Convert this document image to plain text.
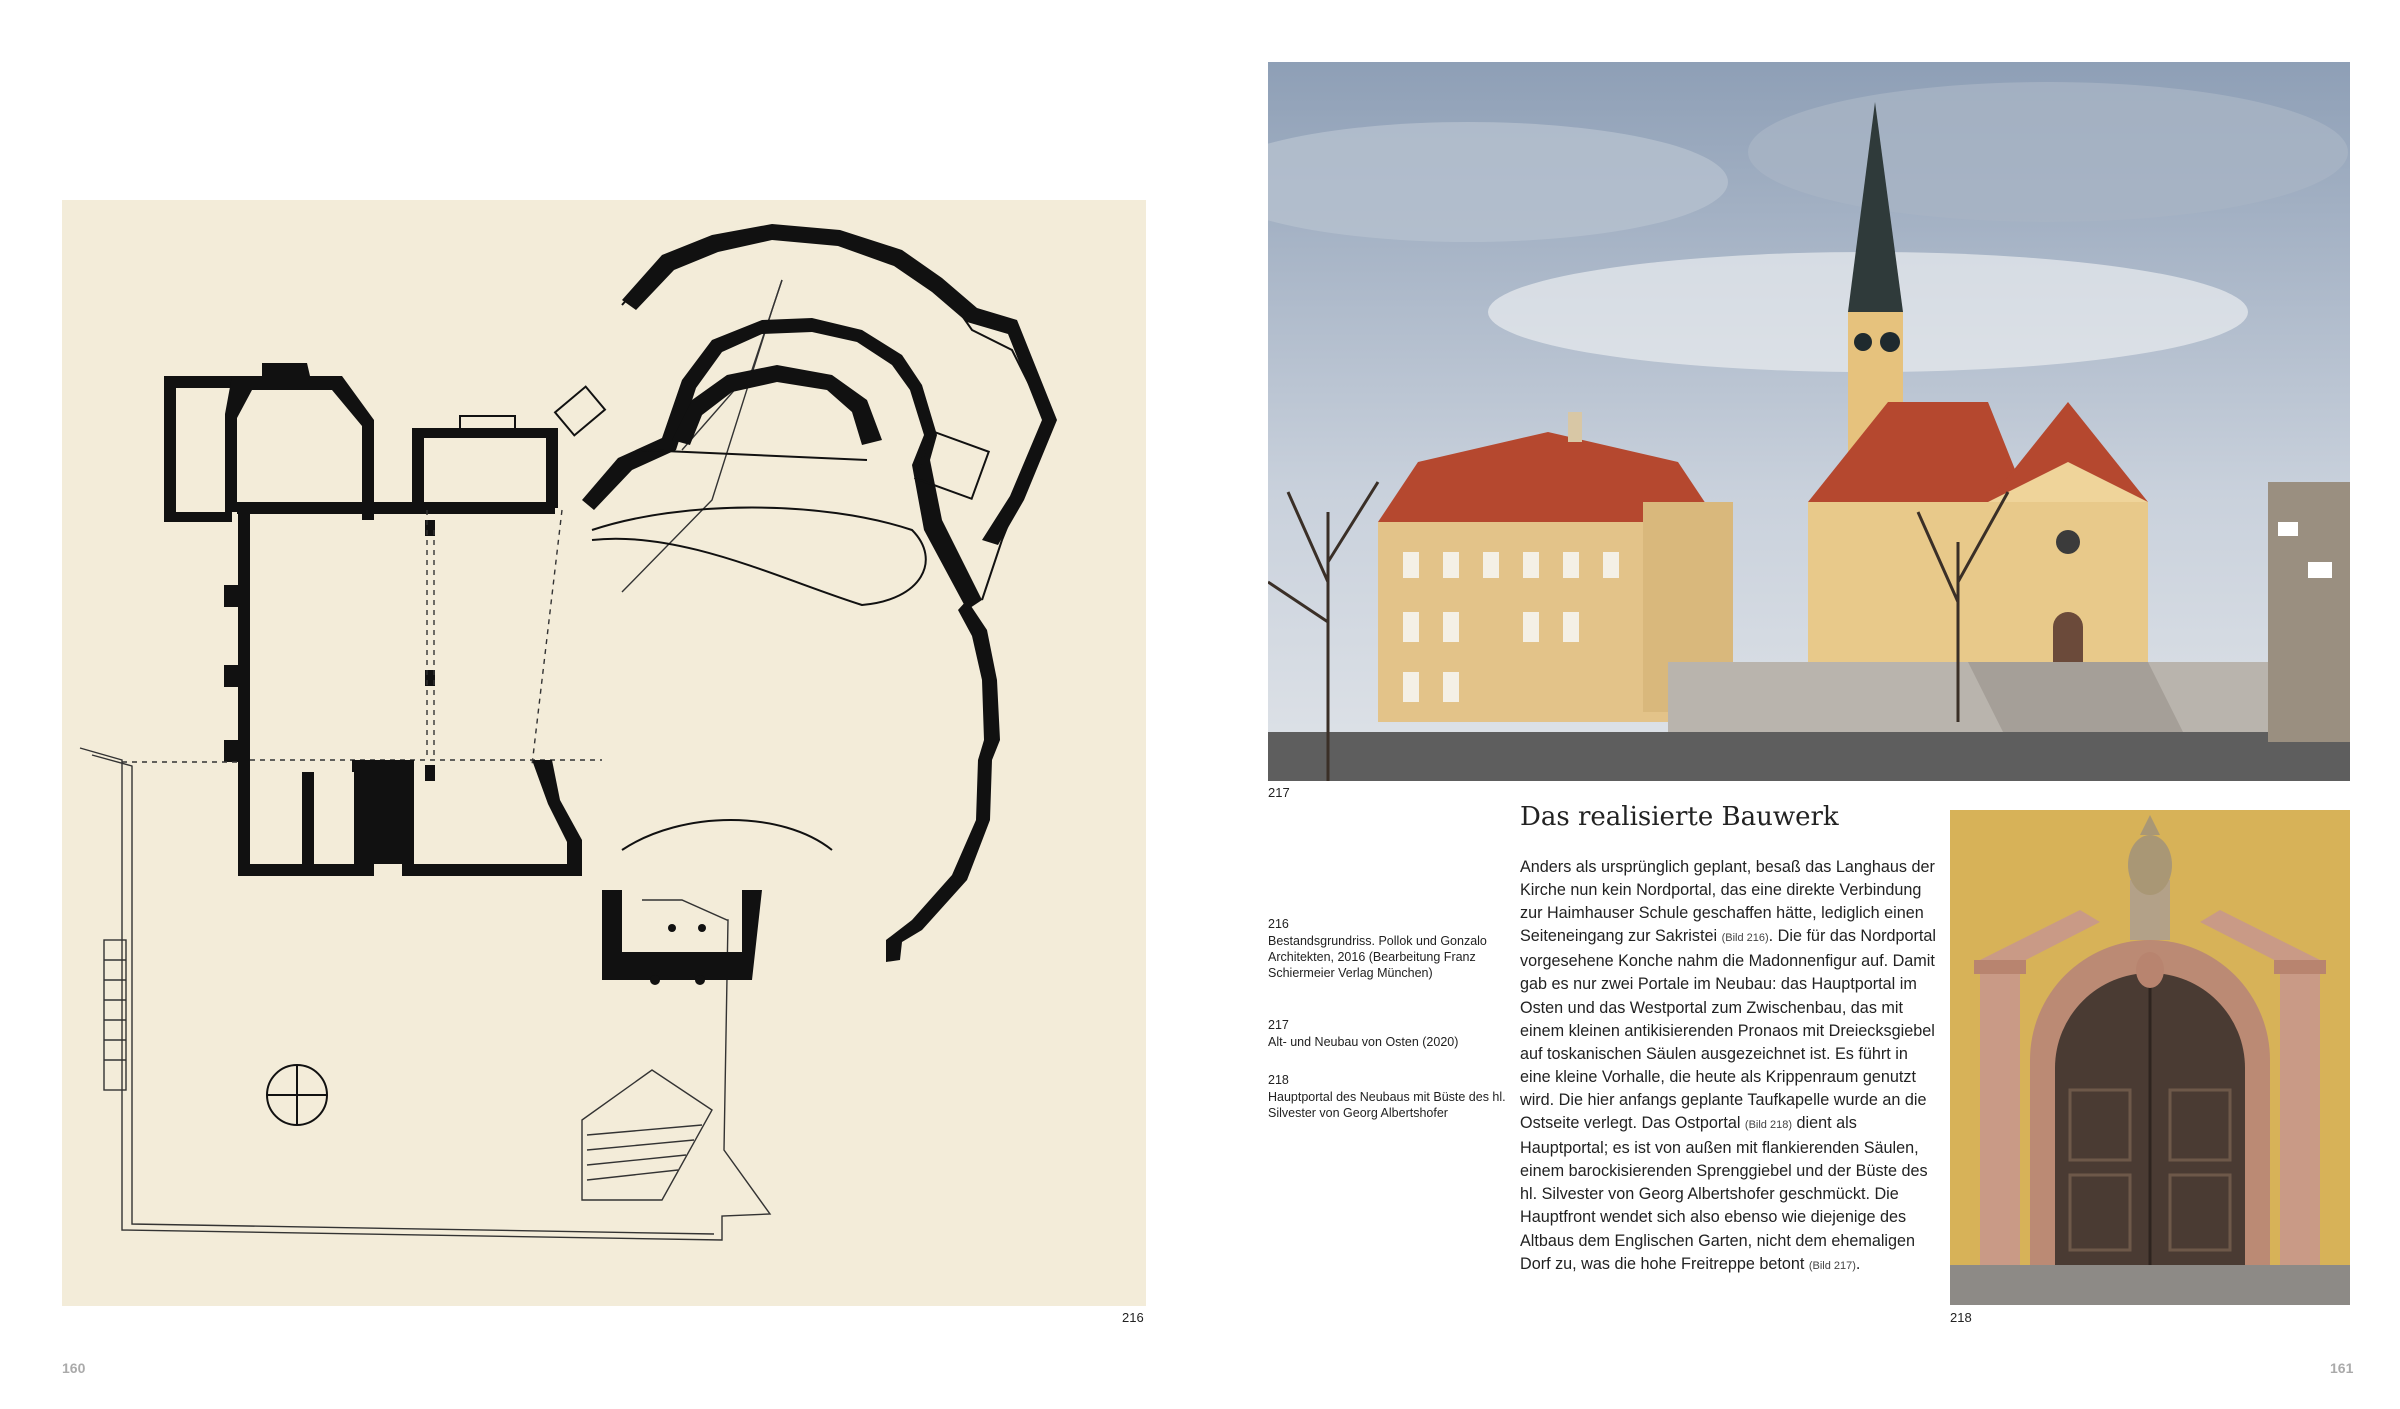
216
160
217
Das realisierte Bauwerk
Anders als ursprünglich geplant, besaß das Langhaus der Kirche nun kein Nordportal, das eine direkte Verbindung zur Haimhauser Schule geschaffen hätte, lediglich einen Seiteneingang zur Sakristei (Bild 216). Die für das Nordportal vorgesehene Konche nahm die Madonnenfigur auf. Damit gab es nur zwei Portale im Neubau: das Hauptportal im Osten und das Westportal zum Zwischenbau, das mit einem kleinen antikisierenden Pronaos mit Dreiecksgiebel auf toskanischen Säulen ausgezeichnet ist. Es führt in eine kleine Vorhalle, die heute als Krippenraum genutzt wird. Die hier anfangs geplante Taufkapelle wurde an die Ostseite verlegt. Das Ostportal (Bild 218) dient als Hauptportal; es ist von außen mit flankierenden Säulen, einem barockisierenden Sprenggiebel und der Büste des hl. Silvester von Georg Albertshofer geschmückt. Die Hauptfront wendet sich also ebenso wie diejenige des Altbaus dem Englischen Garten, nicht dem ehemaligen Dorf zu, was die hohe Freitreppe betont (Bild 217).
216
Bestandsgrundriss. Pollok und Gonzalo Architekten, 2016 (Bearbeitung Franz Schiermeier Verlag München)
217
Alt- und Neubau von Osten (2020)
218
Hauptportal des Neubaus mit Büste des hl. Silvester von Georg Albertshofer
218
161
